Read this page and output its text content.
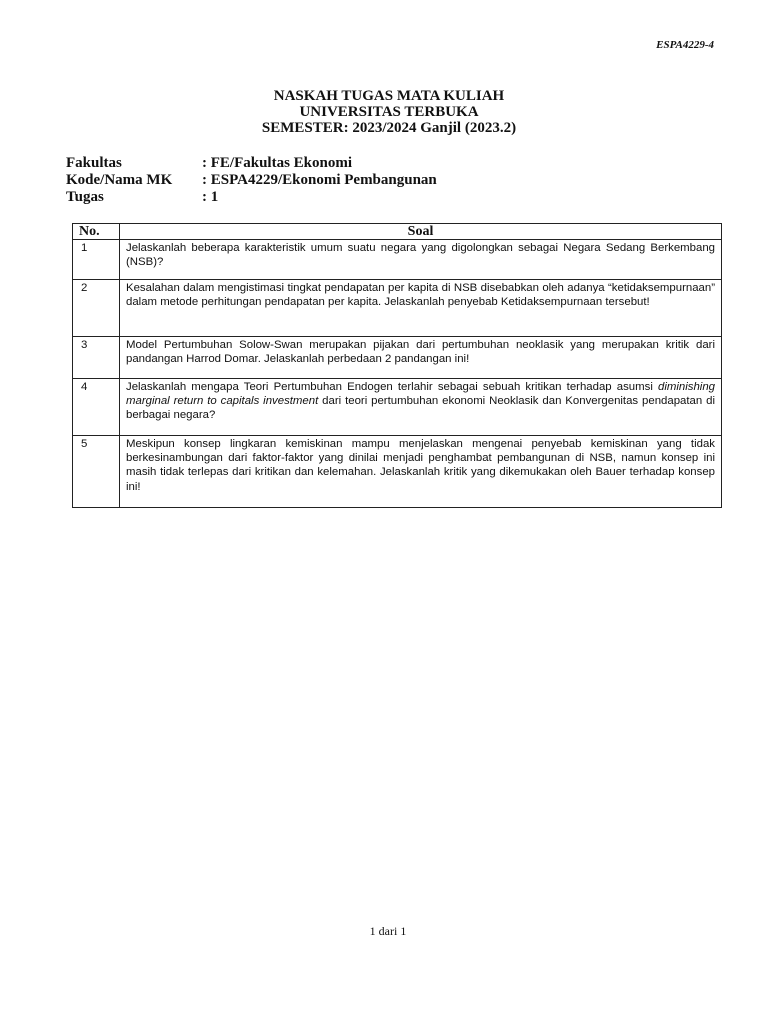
ESPA4229-4
NASKAH TUGAS MATA KULIAH
UNIVERSITAS TERBUKA
SEMESTER: 2023/2024 Ganjil (2023.2)
Fakultas	: FE/Fakultas Ekonomi
Kode/Nama MK	: ESPA4229/Ekonomi Pembangunan
Tugas	: 1
No.	Soal
1	Jelaskanlah beberapa karakteristik umum suatu negara yang digolongkan sebagai Negara Sedang Berkembang (NSB)?
2	Kesalahan dalam mengistimasi tingkat pendapatan per kapita di NSB disebabkan oleh adanya “ketidaksempurnaan” dalam metode perhitungan pendapatan per kapita. Jelaskanlah penyebab Ketidaksempurnaan tersebut!
3	Model Pertumbuhan Solow-Swan merupakan pijakan dari pertumbuhan neoklasik yang merupakan kritik dari pandangan Harrod Domar. Jelaskanlah perbedaan 2 pandangan ini!
4	Jelaskanlah mengapa Teori Pertumbuhan Endogen terlahir sebagai sebuah kritikan terhadap asumsi diminishing marginal return to capitals investment dari teori pertumbuhan ekonomi Neoklasik dan Konvergenitas pendapatan di berbagai negara?
5	Meskipun konsep lingkaran kemiskinan mampu menjelaskan mengenai penyebab kemiskinan yang tidak berkesinambungan dari faktor-faktor yang dinilai menjadi penghambat pembangunan di NSB, namun konsep ini masih tidak terlepas dari kritikan dan kelemahan. Jelaskanlah kritik yang dikemukakan oleh Bauer terhadap konsep ini!
1 dari 1
